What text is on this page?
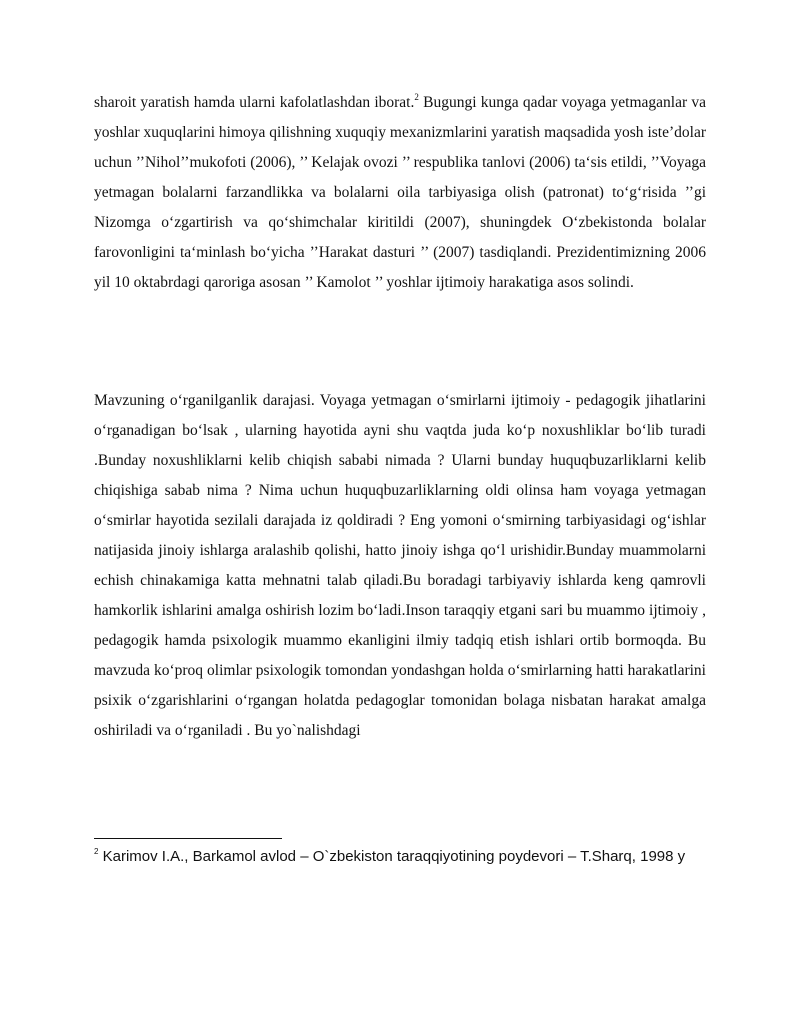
sharoit yaratish hamda ularni kafolatlashdan iborat.$^2$ Bugungi kunga qadar voyaga yetmaganlar va yoshlar xuquqlarini himoya qilishning xuquqiy mexanizmlarini yaratish maqsadida yosh iste’dolar uchun ’’Nihol’’mukofoti (2006), ’’ Kelajak ovozi ’’ respublika tanlovi (2006) ta‘sis etildi, ’’Voyaga yetmagan bolalarni farzandlikka va bolalarni oila tarbiyasiga olish (patronat) to‘g‘risida ’’gi Nizomga o‘zgartirish va qo‘shimchalar kiritildi (2007), shuningdek O‘zbekistonda bolalar farovonligini ta‘minlash bo‘yicha ’’Harakat dasturi ’’ (2007) tasdiqlandi. Prezidentimizning 2006 yil 10 oktabrdagi qaroriga asosan ’’ Kamolot ’’ yoshlar ijtimoiy harakatiga asos solindi.

Mavzuning o‘rganilganlik darajasi. Voyaga yetmagan o‘smirlarni ijtimoiy - pedagogik jihatlarini o‘rganadigan bo‘lsak , ularning hayotida ayni shu vaqtda juda ko‘p noxushliklar bo‘lib turadi .Bunday noxushliklarni kelib chiqish sababi nimada ? Ularni bunday huquqbuzarliklarni kelib chiqishiga sabab nima ? Nima uchun huquqbuzarliklarning oldi olinsa ham voyaga yetmagan o‘smirlar hayotida sezilali darajada iz qoldiradi ? Eng yomoni o‘smirning tarbiyasidagi og‘ishlar natijasida jinoiy ishlarga aralashib qolishi, hatto jinoiy ishga qo‘l urishidir.Bunday muammolarni echish chinakamiga katta mehnatni talab qiladi.Bu boradagi tarbiyaviy ishlarda keng qamrovli hamkorlik ishlarini amalga oshirish lozim bo‘ladi.Inson taraqqiy etgani sari bu muammo ijtimoiy , pedagogik hamda psixologik muammo ekanligini ilmiy tadqiq etish ishlari ortib bormoqda. Bu mavzuda ko‘proq olimlar psixologik tomondan yondashgan holda o‘smirlarning hatti harakatlarini psixik o‘zgarishlarini o‘rgangan holatda pedagoglar tomonidan bolaga nisbatan harakat amalga oshiriladi va o‘rganiladi . Bu yo`nalishdagi

$^2$ Karimov I.A., Barkamol avlod – O`zbekiston taraqqiyotining poydevori – T.Sharq, 1998 y
